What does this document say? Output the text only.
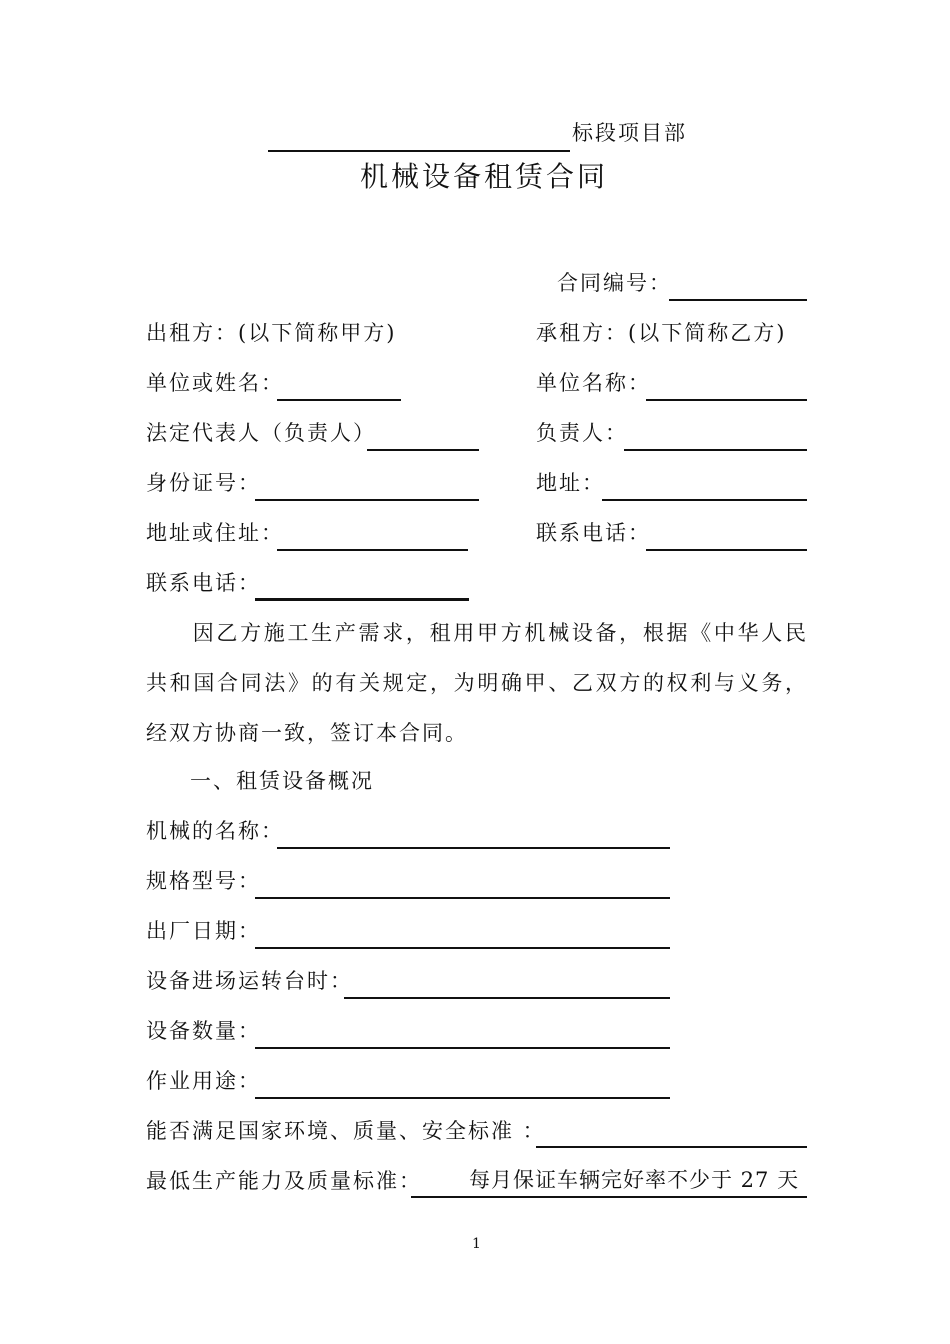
标段项目部
机械设备租赁合同
合同编号：
出租方：(以下简称甲方)	承租方：(以下简称乙方)
单位或姓名：	单位名称：
法定代表人（负责人）	负责人：
身份证号：	地址：
地址或住址：	联系电话：
联系电话：
因乙方施工生产需求，租用甲方机械设备，根据《中华人民共和国合同法》的有关规定，为明确甲、乙双方的权利与义务，经双方协商一致，签订本合同。
一、租赁设备概况
机械的名称：
规格型号：
出厂日期：
设备进场运转台时：
设备数量：
作业用途：
能否满足国家环境、质量、安全标准 ：
最低生产能力及质量标准： 每月保证车辆完好率不少于 27 天
1
